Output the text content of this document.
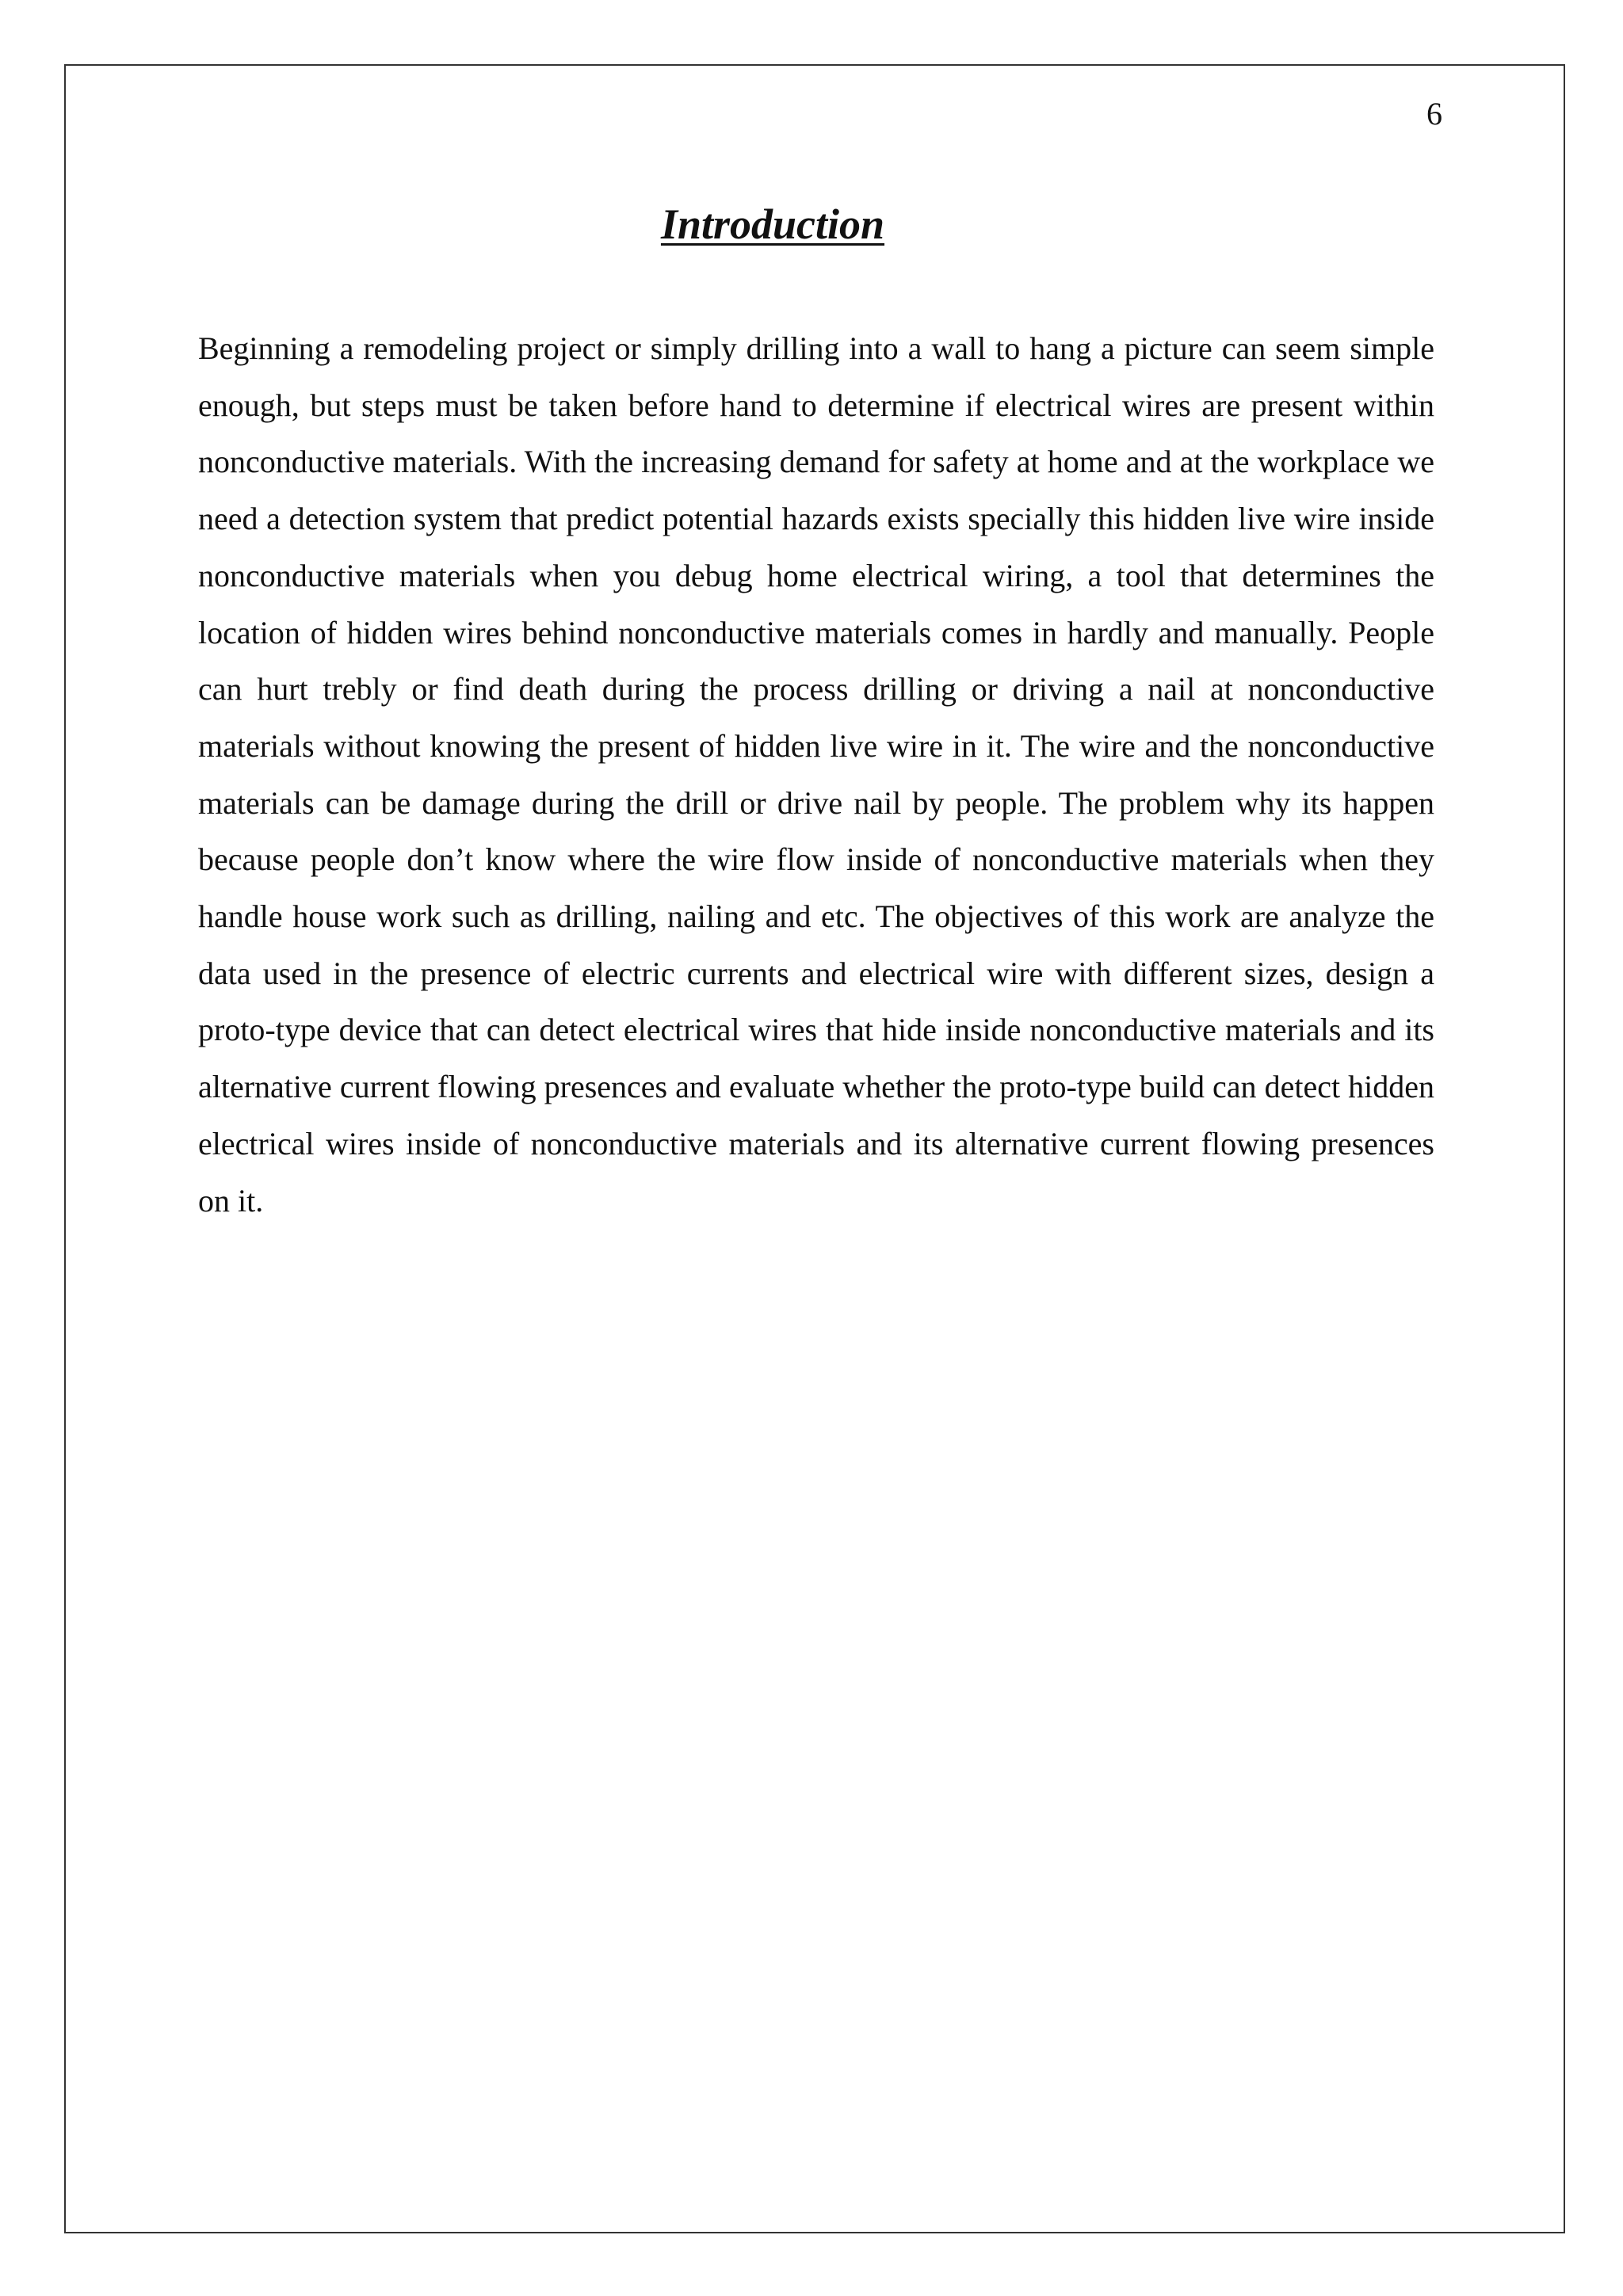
6
Introduction

Beginning a remodeling project or simply drilling into a wall to hang a picture can seem simple enough, but steps must be taken before hand to determine if electrical wires are present within nonconductive materials. With the increasing demand for safety at home and at the workplace we need a detection system that predict potential hazards exists specially this hidden live wire inside nonconductive materials when you debug home electrical wiring, a tool that determines the location of hidden wires behind nonconductive materials comes in hardly and manually. People can hurt trebly or find death during the process drilling or driving a nail at nonconductive materials without knowing the present of hidden live wire in it. The wire and the nonconductive materials can be damage during the drill or drive nail by people. The problem why its happen because people don’t know where the wire flow inside of nonconductive materials when they handle house work such as drilling, nailing and etc. The objectives of this work are analyze the data used in the presence of electric currents and electrical wire with different sizes, design a proto-type device that can detect electrical wires that hide inside nonconductive materials and its alternative current flowing presences and evaluate whether the proto-type build can detect hidden electrical wires inside of nonconductive materials and its alternative current flowing presences on it.
